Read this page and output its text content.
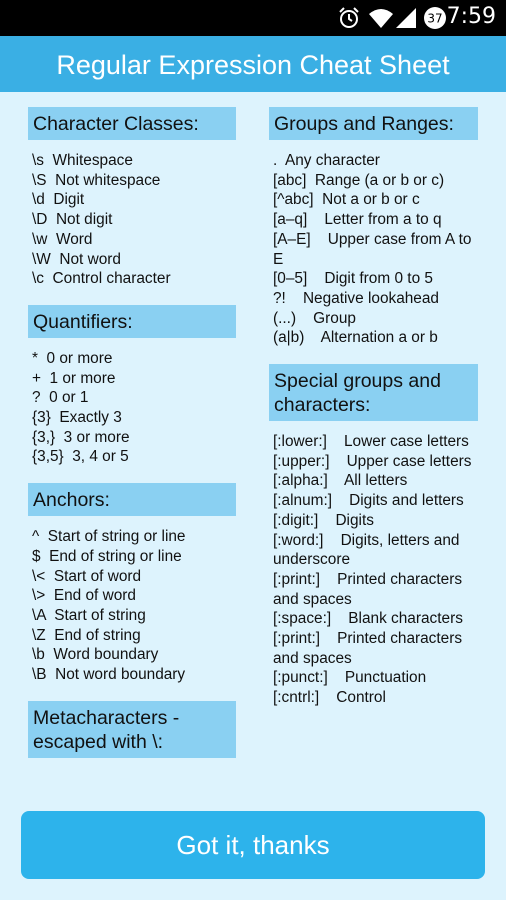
37 7:59
Regular Expression Cheat Sheet
Character Classes:
\s  Whitespace
\S  Not whitespace
\d  Digit
\D  Not digit
\w  Word
\W  Not word
\c  Control character
Quantifiers:
*  0 or more
+  1 or more
?  0 or 1
{3}  Exactly 3
{3,}  3 or more
{3,5}  3, 4 or 5
Anchors:
^  Start of string or line
$  End of string or line
\<  Start of word
\>  End of word
\A  Start of string
\Z  End of string
\b  Word boundary
\B  Not word boundary
Metacharacters - escaped with \:
Groups and Ranges:
.  Any character
[abc]  Range (a or b or c)
[^abc]  Not a or b or c
[a–q]    Letter from a to q
[A–E]    Upper case from A to E
[0–5]    Digit from 0 to 5
?!    Negative lookahead
(...)    Group
(a|b)    Alternation a or b
Special groups and characters:
[:lower:]    Lower case letters
[:upper:]    Upper case letters
[:alpha:]    All letters
[:alnum:]    Digits and letters
[:digit:]    Digits
[:word:]    Digits, letters and underscore
[:print:]    Printed characters and spaces
[:space:]    Blank characters
[:print:]    Printed characters and spaces
[:punct:]    Punctuation
[:cntrl:]    Control
Got it, thanks
